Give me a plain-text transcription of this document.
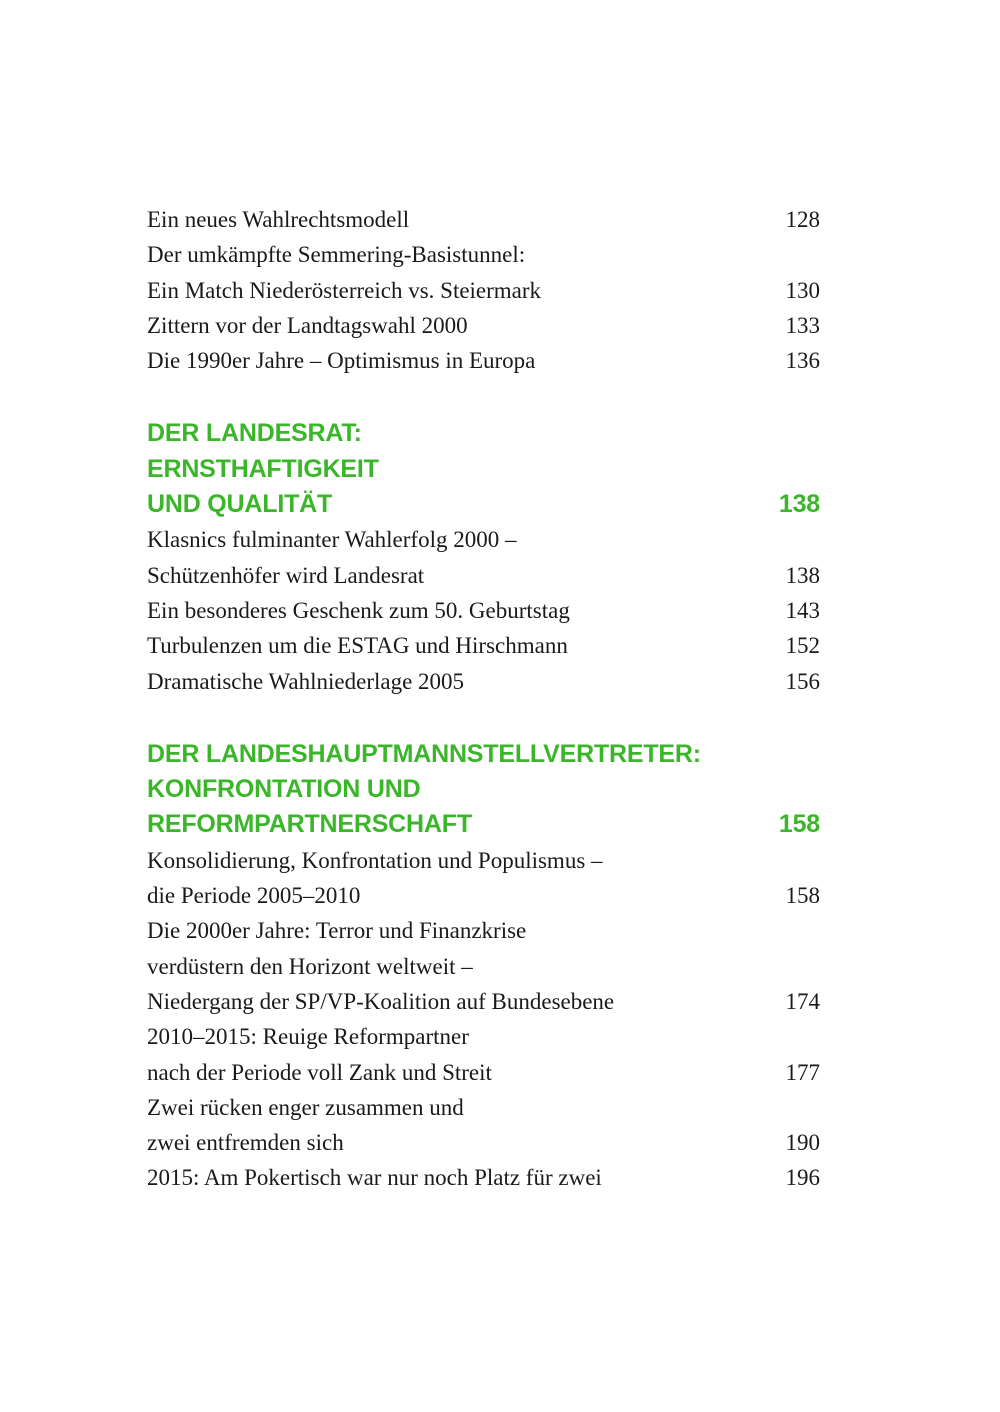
Ein neues Wahlrechtsmodell	128
Der umkämpfte Semmering-Basistunnel:
Ein Match Niederösterreich vs. Steiermark	130
Zittern vor der Landtagswahl 2000	133
Die 1990er Jahre – Optimismus in Europa	136
DER LANDESRAT:
ERNSTHAFTIGKEIT
UND QUALITÄT	138
Klasnics fulminanter Wahlerfolg 2000 –
Schützenhöfer wird Landesrat	138
Ein besonderes Geschenk zum 50. Geburtstag	143
Turbulenzen um die ESTAG und Hirschmann	152
Dramatische Wahlniederlage 2005	156
DER LANDESHAUPTMANNSTELLVERTRETER:
KONFRONTATION UND
REFORMPARTNERSCHAFT	158
Konsolidierung, Konfrontation und Populismus –
die Periode 2005–2010	158
Die 2000er Jahre: Terror und Finanzkrise
verdüstern den Horizont weltweit –
Niedergang der SP/VP-Koalition auf Bundesebene	174
2010–2015: Reuige Reformpartner
nach der Periode voll Zank und Streit	177
Zwei rücken enger zusammen und
zwei entfremden sich	190
2015: Am Pokertisch war nur noch Platz für zwei	196
